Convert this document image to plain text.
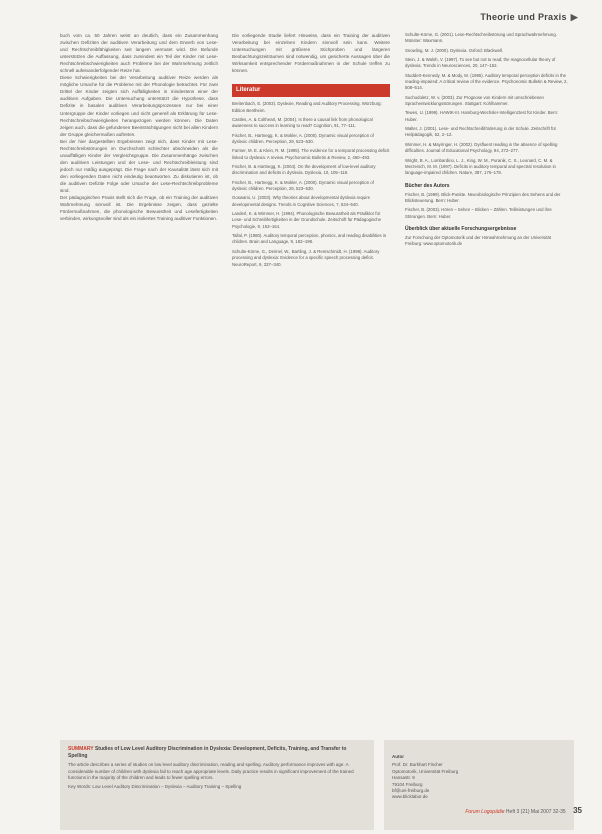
Theorie und Praxis ▶

buch vom ca. 50 Jahren weist an deutlich, dass ein Zusammenhang zwischen Defiziten der auditiven Verarbeitung und dem Erwerb von Lese- und Rechtschreibfähigkeiten seit langem vermutet wird. Die Befunde unterstützen die Auffassung, dass zumindest ein Teil der Kinder mit Lese-Rechtschreibschwierigkeiten auch Probleme bei der Wahrnehmung zeitlich schnell aufeinanderfolgender Reize hat.

Diese Schwierigkeiten bei der Verarbeitung auditiver Reize werden als mögliche Ursache für die Probleme mit der Phonologie betrachtet. Für zwei Drittel der Kinder zeigten sich Auffälligkeiten in mindestens einer der auditiven Aufgaben. Die Untersuchung unterstützt die Hypothese, dass Defizite in basalen auditiven Verarbeitungsprozessen nur bei einer Untergruppe der Kinder vorliegen und nicht generell als Erklärung für Lese-Rechtschreibschwierigkeiten herangezogen werden können. Die Daten zeigen auch, dass die gefundenen Beeinträchtigungen nicht bei allen Kindern der Gruppe gleichermaßen auftreten.

Bei der hier dargestellten Ergebnissen zeigt sich, dass Kinder mit Lese-Rechtschreibstörungen im Durchschnitt schlechter abschneiden als die unauffälligen Kinder der Vergleichsgruppe. Die Zusammenhänge zwischen den auditiven Leistungen und der Lese- und Rechtschreibleistung sind jedoch nur mäßig ausgeprägt. Die Frage nach der Kausalität lässt sich mit den vorliegenden Daten nicht eindeutig beantworten. Zu diskutieren ist, ob die auditiven Defizite Folge oder Ursache der Lese-Rechtschreibprobleme sind.

Der pädagogischen Praxis stellt sich die Frage, ob ein Training der auditiven Wahrnehmung sinnvoll ist. Die Ergebnisse zeigen, dass gezielte Fördermaßnahmen, die phonologische Bewusstheit und Lesefertigkeiten verbinden, wirkungsvoller sind als ein isoliertes Training auditiver Funktionen.

Die vorliegende Studie liefert Hinweise, dass ein Training der auditiven Verarbeitung bei einzelnen Kindern sinnvoll sein kann. Weitere Untersuchungen mit größeren Stichproben und längeren Beobachtungszeiträumen sind notwendig, um gesicherte Aussagen über die Wirksamkeit entsprechender Fördermaßnahmen in der Schule treffen zu können.

Literatur
Breitenbach, E. (2003). Dyslexie, Reading and Auditory Processing. Würzburg: Edition Bentheim.
Castles, A. & Coltheart, M. (2004). Is there a causal link from phonological awareness to success in learning to read? Cognition, 91, 77–111.
Fischer, B., Hartnegg, K. & Mokler, A. (2000). Dynamic visual perception of dyslexic children. Perception, 29, 523–530.
Farmer, M. E. & Klein, R. M. (1995). The evidence for a temporal processing deficit linked to dyslexia: A review. Psychonomic Bulletin & Review, 2, 460–493.
Fischer, B. & Hartnegg, K. (2004). On the development of low-level auditory discrimination and deficits in dyslexia. Dyslexia, 10, 105–118.
Fischer, B., Hartnegg, K. & Mokler, A. (2000). Dynamic visual perception of dyslexic children. Perception, 29, 523–530.
Goswami, U. (2003). Why theories about developmental dyslexia require developmental designs. Trends in Cognitive Sciences, 7, 534–540.
Landerl, K. & Wimmer, H. (1994). Phonologische Bewusstheit als Prädiktor für Lese- und Schreibfertigkeiten in der Grundschule. Zeitschrift für Pädagogische Psychologie, 8, 153–164.
Tallal, P. (1980). Auditory temporal perception, phonics, and reading disabilities in children. Brain and Language, 9, 182–198.
Schulte-Körne, G., Deimel, W., Bartling, J. & Remschmidt, H. (1998). Auditory processing and dyslexia: Evidence for a specific speech processing deficit. NeuroReport, 9, 337–340.
Schulte-Körne, G. (2001). Lese-Rechtschreibstörung und Sprachwahrnehmung. Münster: Waxmann.
Snowling, M. J. (2000). Dyslexia. Oxford: Blackwell.
Stein, J. & Walsh, V. (1997). To see but not to read; the magnocellular theory of dyslexia. Trends in Neurosciences, 20, 147–152.
Studdert-Kennedy, M. & Mody, M. (1995). Auditory temporal perception deficits in the reading-impaired: A critical review of the evidence. Psychonomic Bulletin & Review, 2, 508–514.
Suchodoletz, W. v. (2003). Zur Prognose von Kindern mit umschriebenen Sprachentwicklungsstörungen. Stuttgart: Kohlhammer.
Tewes, U. (1999). HAWIK-III. Hamburg-Wechsler-Intelligenztest für Kinder. Bern: Huber.
Walter, J. (2001). Lese- und Rechtschreibförderung in der Schule. Zeitschrift für Heilpädagogik, 52, 2–12.
Wimmer, H. & Mayringer, H. (2002). Dysfluent reading in the absence of spelling difficulties. Journal of Educational Psychology, 94, 272–277.
Wright, B. A., Lombardino, L. J., King, W. M., Puranik, C. S., Leonard, C. M. & Merzenich, M. M. (1997). Deficits in auditory temporal and spectral resolution in language-impaired children. Nature, 387, 176–178.
Bücher des Autors
Fischer, B. (1999). Blick-Punkte. Neurobiologische Prinzipien des Sehens und der Blicksteuerung. Bern: Huber.
Fischer, B. (2003). Hören – Sehen – Blicken – Zählen. Teilleistungen und ihre Störungen. Bern: Huber.
Überblick über aktuelle Forschungsergebnisse
Zur Forschung der Optomotorik und der Hörwahrnehmung an der Universität Freiburg: www.optomotorik.de
SUMMARY Studies of Low Level Auditory Discrimination in Dyslexia: Development, Deficits, Training, and Transfer to Spelling
The article describes a series of studies on low level auditory discrimination, reading and spelling. Auditory performance improves with age. A considerable number of children with dyslexia fail to reach age appropriate levels. Daily practice results in significant improvement of the trained functions in the majority of the children and leads to fewer spelling errors.
Key Words: Low Level Auditory Discrimination – Dyslexia – Auditory Training – Spelling
Autor
Prof. Dr. Burkhart Fischer
Optomotorik, Universität Freiburg
Hansastr. 9
79104 Freiburg
bf@uni-freiburg.de
www.blicklabor.de
Forum Logopädie Heft 3 (21) Mai 2007 32-35 35
